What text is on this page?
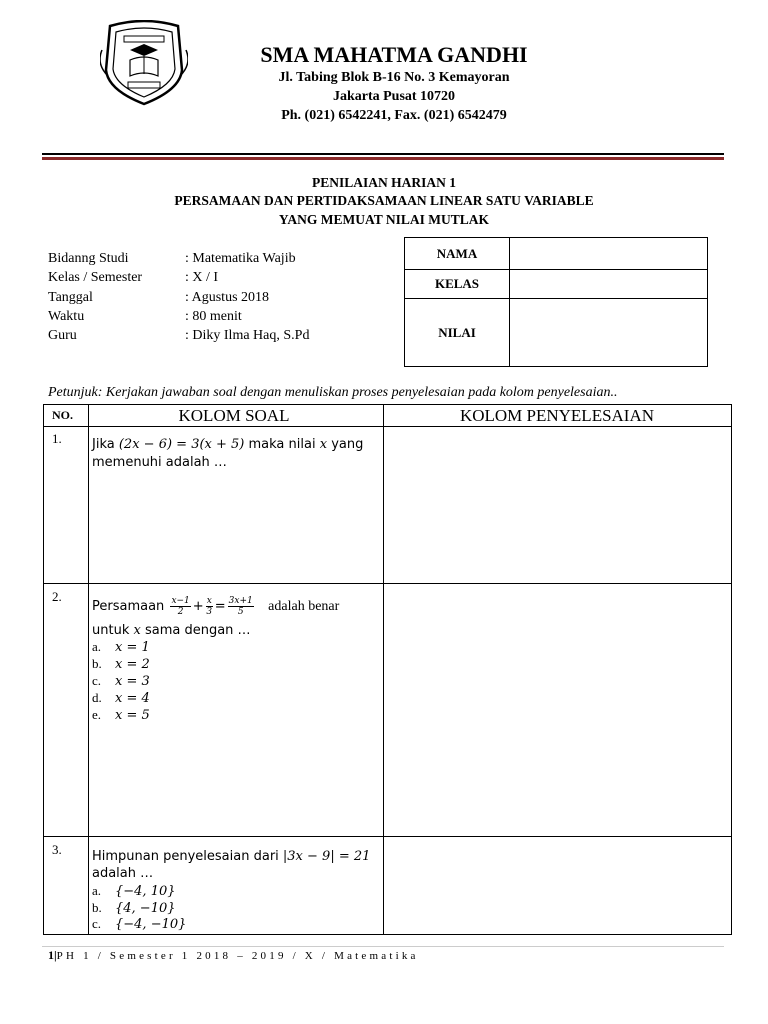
SMA MAHATMA GANDHI
Jl. Tabing Blok B-16 No. 3 Kemayoran
Jakarta Pusat 10720
Ph. (021) 6542241, Fax. (021) 6542479
PENILAIAN HARIAN 1
PERSAMAAN DAN PERTIDAKSAMAAN LINEAR SATU VARIABLE
YANG MEMUAT NILAI MUTLAK
Bidanng Studi	: Matematika Wajib
Kelas / Semester	: X / I
Tanggal	: Agustus 2018
Waktu	: 80 menit
Guru	: Diky Ilma Haq, S.Pd
NAMA	
KELAS	
NILAI	
Petunjuk: Kerjakan jawaban soal dengan menuliskan proses penyelesaian pada kolom penyelesaian..
NO.	KOLOM SOAL	KOLOM PENYELESAIAN
1. Jika (2x − 6) = 3(x + 5) maka nilai x yang
memenuhi adalah …
2.
Persamaan $\frac{x-1}{2} + \frac{x}{3} = \frac{3x+1}{5}$ adalah benar
untuk x sama dengan …
a. x = 1
b. x = 2
c. x = 3
d. x = 4
e. x = 5
3. Himpunan penyelesaian dari |3x − 9| = 21
adalah …
a. {−4, 10}
b. {4, −10}
c. {−4, −10}
1|PH 1 / Semester 1 2018 – 2019 / X / Matematika
